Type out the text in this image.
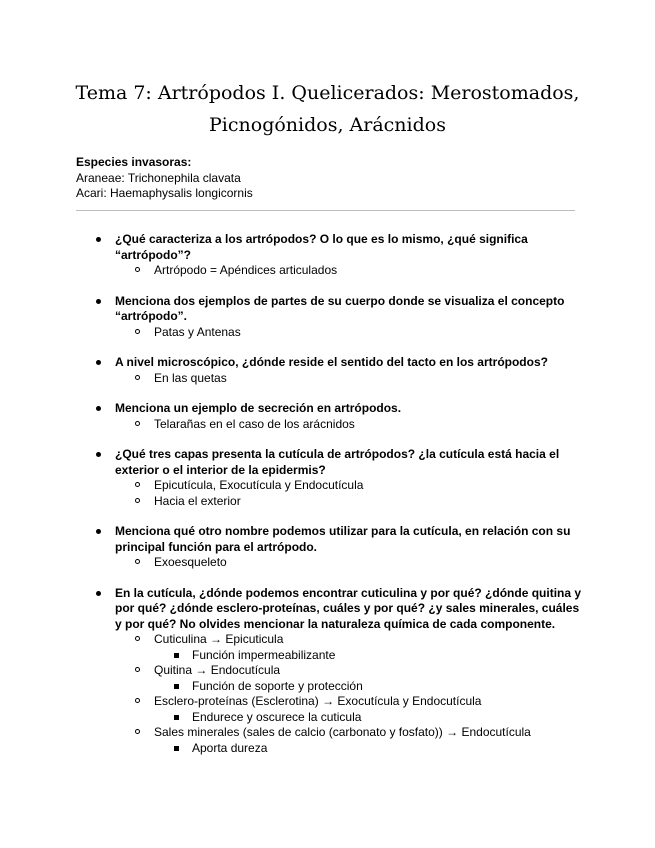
Tema 7: Artrópodos I. Quelicerados: Merostomados,
Picnogónidos, Arácnidos
Especies invasoras:
Araneae: Trichonephila clavata
Acari: Haemaphysalis longicornis
¿Qué caracteriza a los artrópodos? O lo que es lo mismo, ¿qué significa “artrópodo”?
Artrópodo = Apéndices articulados
Menciona dos ejemplos de partes de su cuerpo donde se visualiza el concepto “artrópodo”.
Patas y Antenas
A nivel microscópico, ¿dónde reside el sentido del tacto en los artrópodos?
En las quetas
Menciona un ejemplo de secreción en artrópodos.
Telarañas en el caso de los arácnidos
¿Qué tres capas presenta la cutícula de artrópodos? ¿la cutícula está hacia el exterior o el interior de la epidermis?
Epicutícula, Exocutícula y Endocutícula
Hacia el exterior
Menciona qué otro nombre podemos utilizar para la cutícula, en relación con su principal función para el artrópodo.
Exoesqueleto
En la cutícula, ¿dónde podemos encontrar cuticulina y por qué? ¿dónde quitina y por qué? ¿dónde esclero-proteínas, cuáles y por qué? ¿y sales minerales, cuáles y por qué? No olvides mencionar la naturaleza química de cada componente.
Cuticulina → Epicuticula
Función impermeabilizante
Quitina → Endocutícula
Función de soporte y protección
Esclero-proteínas (Esclerotina) → Exocutícula y Endocutícula
Endurece y oscurece la cuticula
Sales minerales (sales de calcio (carbonato y fosfato)) → Endocutícula
Aporta dureza
